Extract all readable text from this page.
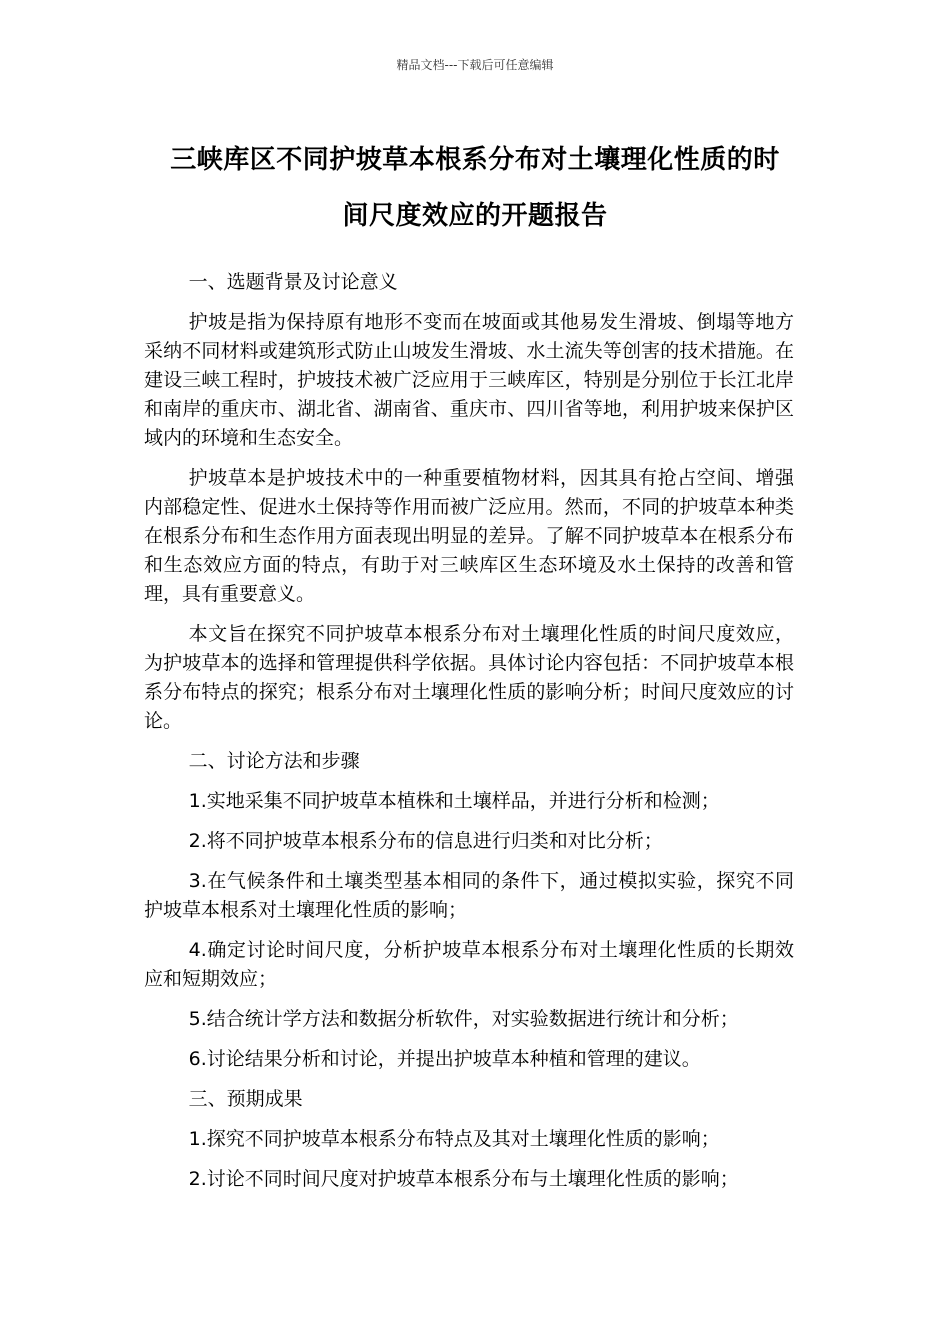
精品文档---下载后可任意编辑
三峡库区不同护坡草本根系分布对土壤理化性质的时
间尺度效应的开题报告

一、选题背景及讨论意义

护坡是指为保持原有地形不变而在坡面或其他易发生滑坡、倒塌等地方采纳不同材料或建筑形式防止山坡发生滑坡、水土流失等创害的技术措施。在建设三峡工程时，护坡技术被广泛应用于三峡库区，特别是分别位于长江北岸和南岸的重庆市、湖北省、湖南省、重庆市、四川省等地，利用护坡来保护区域内的环境和生态安全。

护坡草本是护坡技术中的一种重要植物材料，因其具有抢占空间、增强内部稳定性、促进水土保持等作用而被广泛应用。然而，不同的护坡草本种类在根系分布和生态作用方面表现出明显的差异。了解不同护坡草本在根系分布和生态效应方面的特点，有助于对三峡库区生态环境及水土保持的改善和管理，具有重要意义。

本文旨在探究不同护坡草本根系分布对土壤理化性质的时间尺度效应，为护坡草本的选择和管理提供科学依据。具体讨论内容包括：不同护坡草本根系分布特点的探究；根系分布对土壤理化性质的影响分析；时间尺度效应的讨论。

二、讨论方法和步骤

1.实地采集不同护坡草本植株和土壤样品，并进行分析和检测；

2.将不同护坡草本根系分布的信息进行归类和对比分析；

3.在气候条件和土壤类型基本相同的条件下，通过模拟实验，探究不同护坡草本根系对土壤理化性质的影响；

4.确定讨论时间尺度，分析护坡草本根系分布对土壤理化性质的长期效应和短期效应；

5.结合统计学方法和数据分析软件，对实验数据进行统计和分析；

6.讨论结果分析和讨论，并提出护坡草本种植和管理的建议。

三、预期成果

1.探究不同护坡草本根系分布特点及其对土壤理化性质的影响；

2.讨论不同时间尺度对护坡草本根系分布与土壤理化性质的影响；
